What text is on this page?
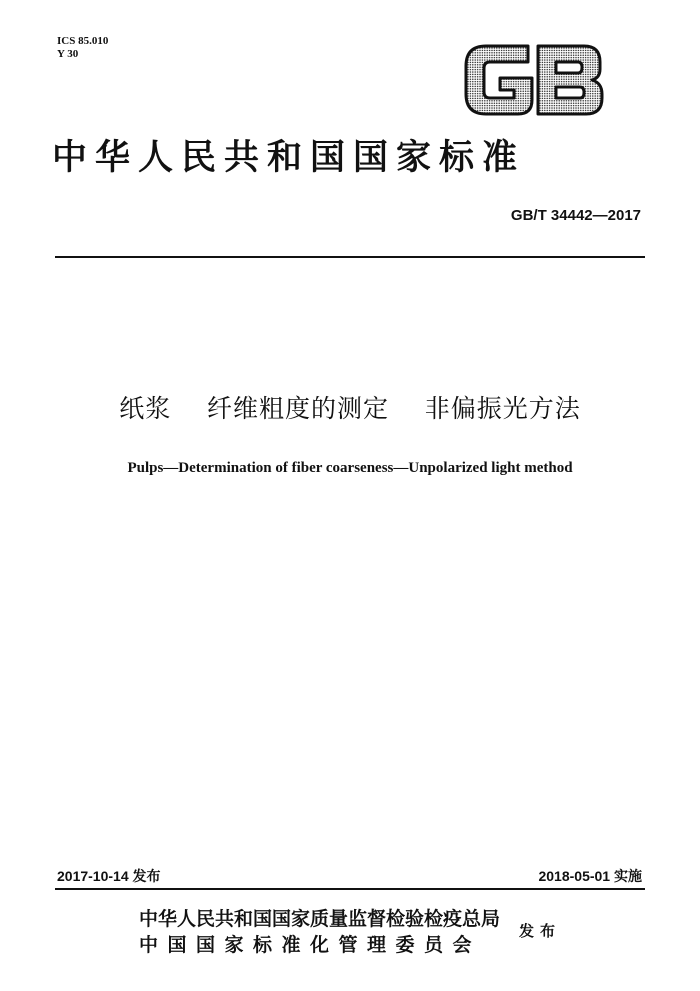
ICS 85.010
Y 30
中华人民共和国国家标准
GB/T 34442—2017
纸浆    纤维粗度的测定    非偏振光方法
Pulps—Determination of fiber coarseness—Unpolarized light method
2017-10-14 发布	2018-05-01 实施
中华人民共和国国家质量监督检验检疫总局
中国国家标准化管理委员会
发布
